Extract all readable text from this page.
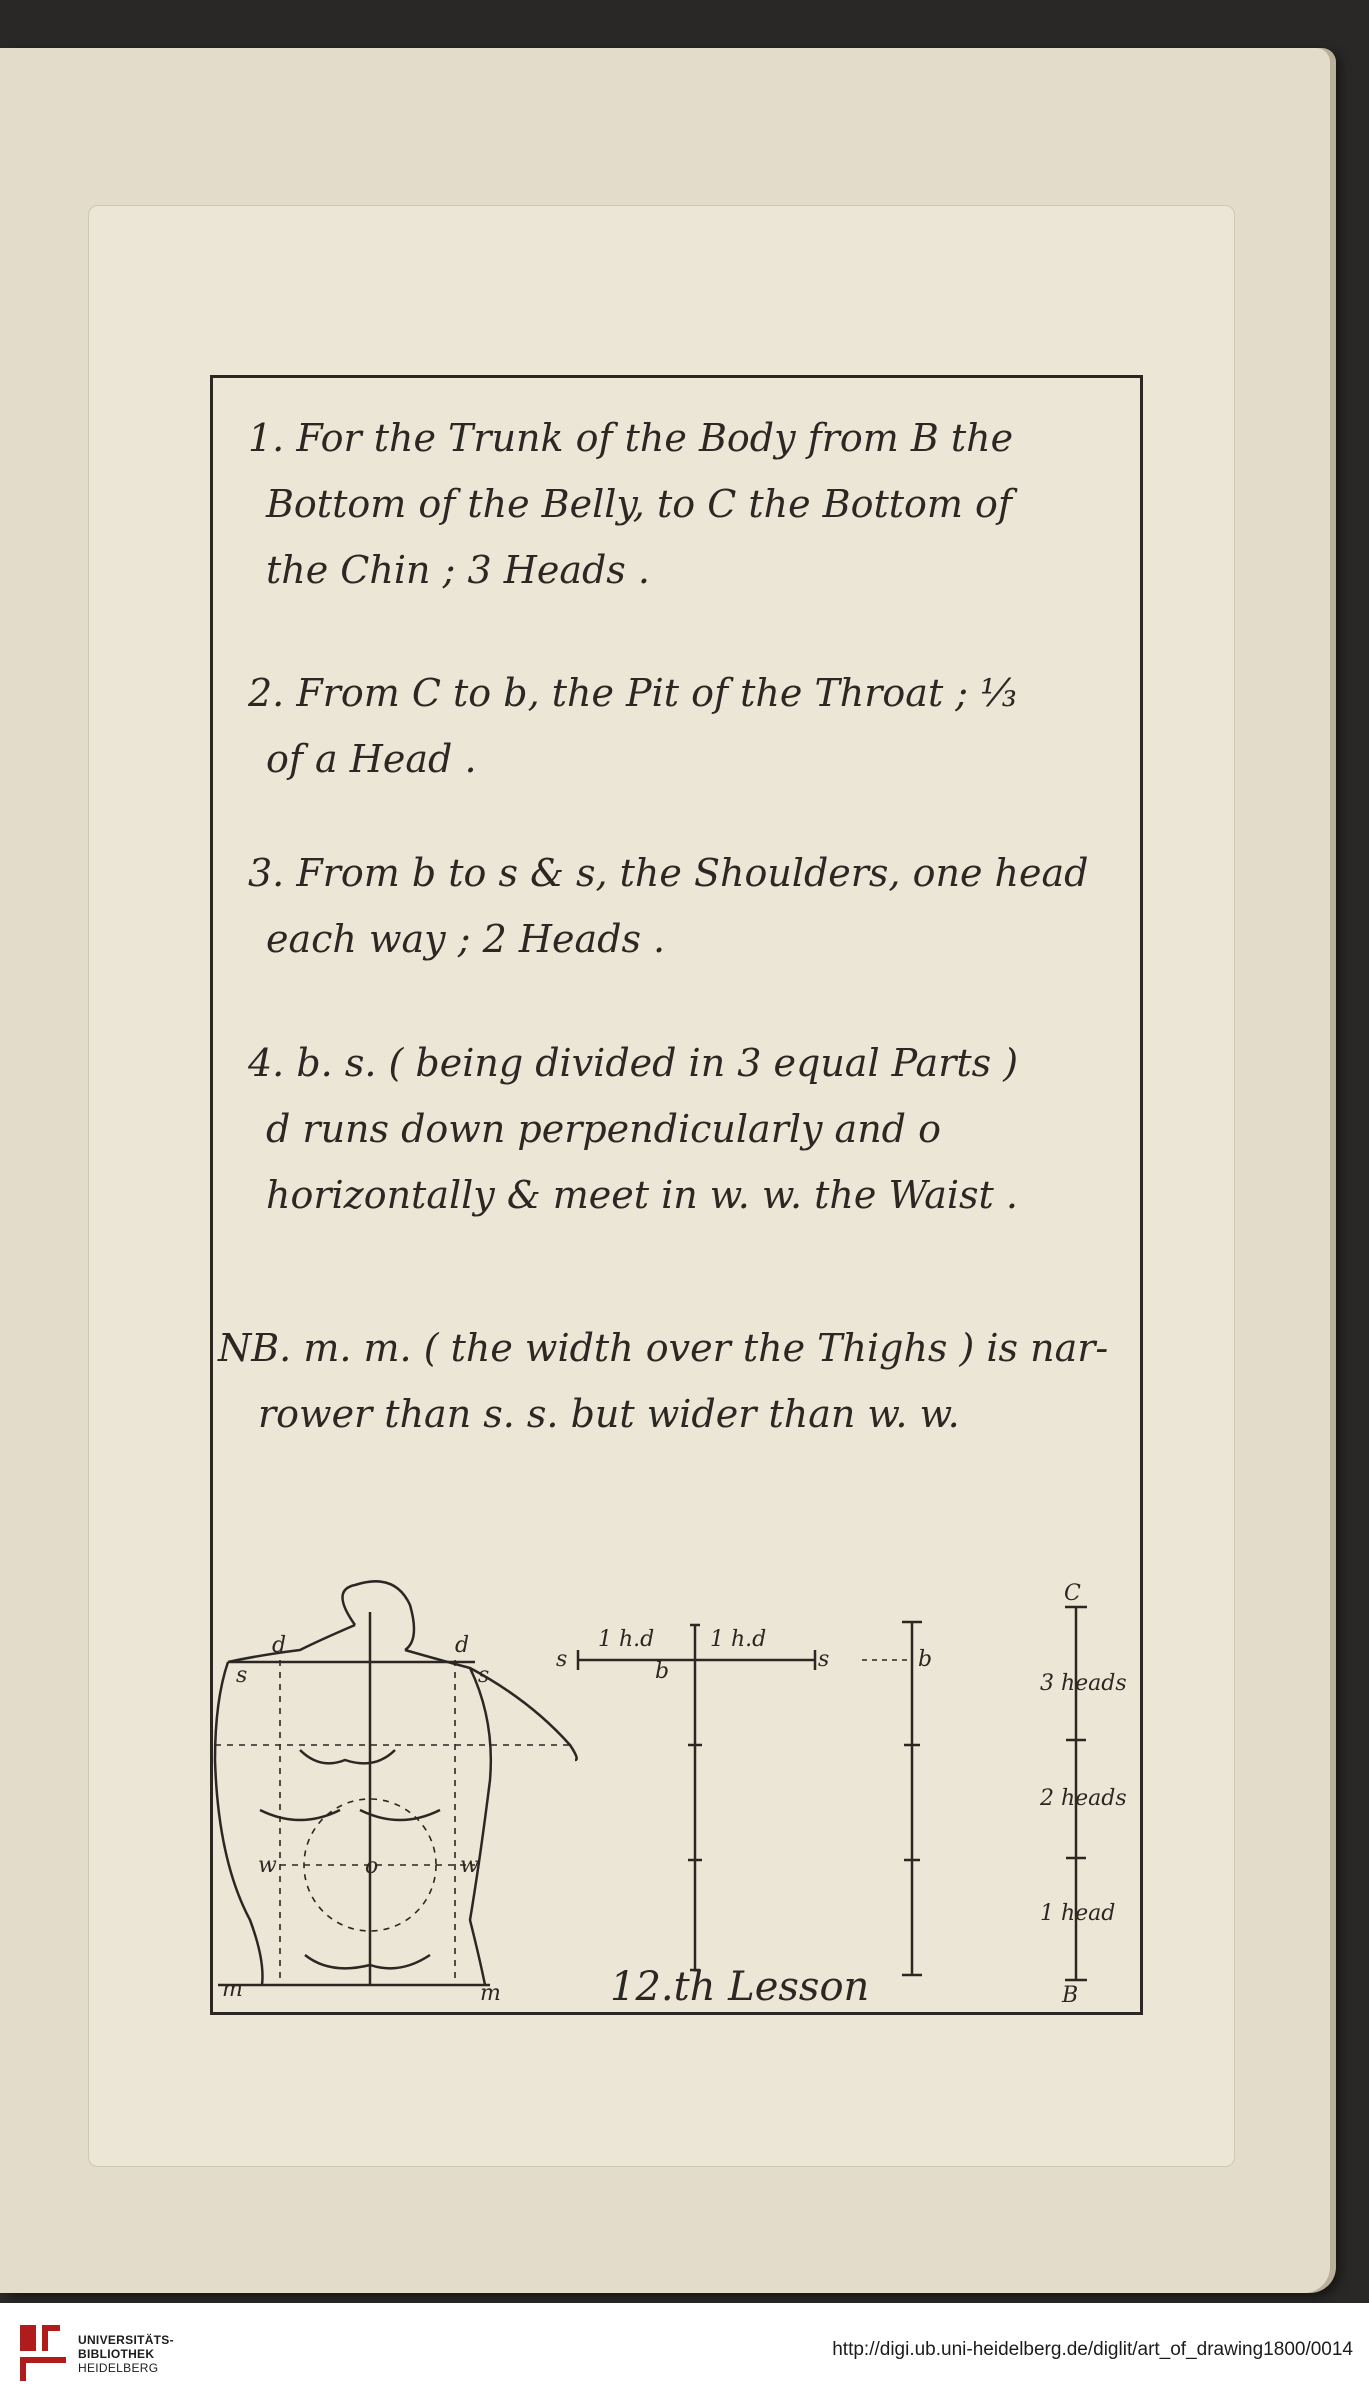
1. For the Trunk of the Body from B the
Bottom of the Belly, to C the Bottom of
the Chin ; 3 Heads .
2. From C to b, the Pit of the Throat ; ⅓
of a Head .
3. From b to s & s, the Shoulders, one head
each way ; 2 Heads .
4. b. s. ( being divided in 3 equal Parts )
d runs down perpendicularly and o
horizontally & meet in w. w. the Waist .
NB. m. m. ( the width over the Thighs ) is nar-
rower than s. s. but wider than w. w.
d	d
s	s
w	w
o
m	m
s
1 h.d	1 h.d
b	s	b
C
3 heads
2 heads
1 head
B
12.th Lesson
UNIVERSITÄTS-
BIBLIOTHEK
HEIDELBERG
http://digi.ub.uni-heidelberg.de/diglit/art_of_drawing1800/0014
